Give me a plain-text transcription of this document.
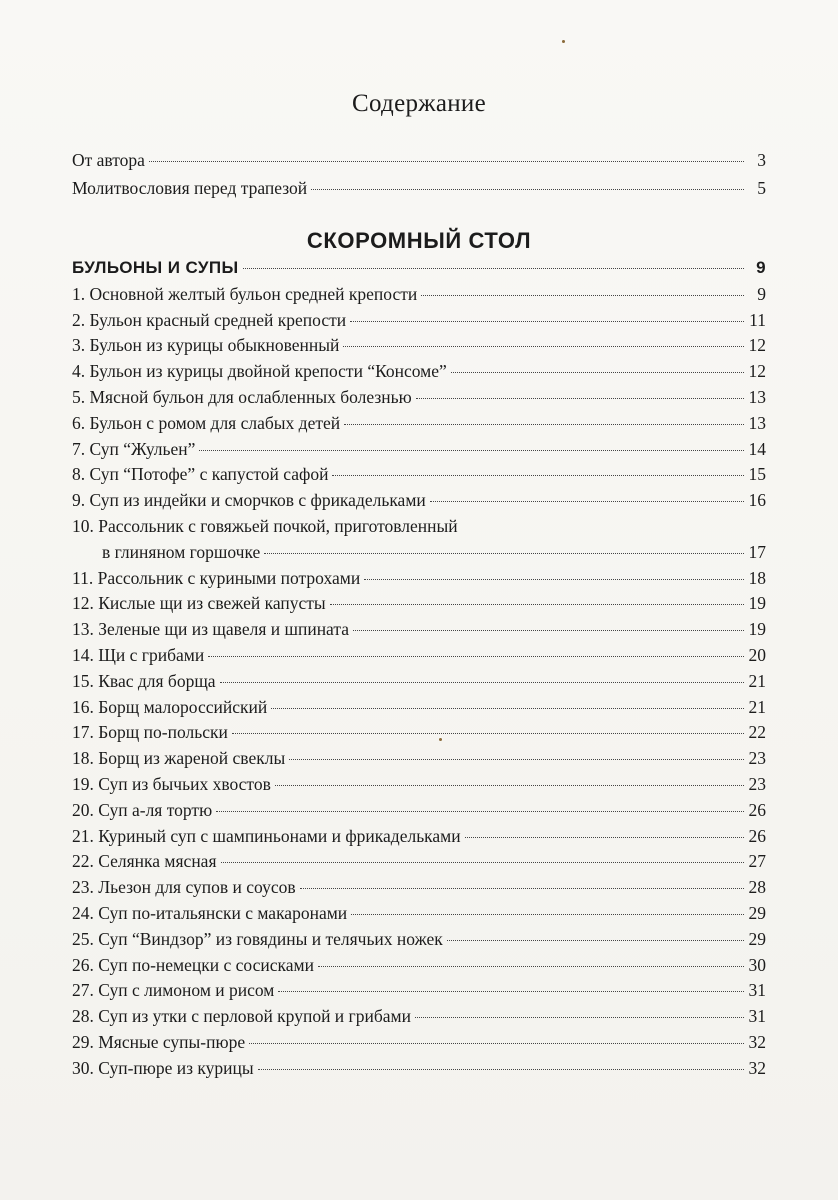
Содержание
От автора	3
Молитвословия перед трапезой	5
СКОРОМНЫЙ СТОЛ
БУЛЬОНЫ И СУПЫ	9
1. Основной желтый бульон средней крепости	9
2. Бульон красный средней крепости	11
3. Бульон из курицы обыкновенный	12
4. Бульон из курицы двойной крепости “Консоме”	12
5. Мясной бульон для ослабленных болезнью	13
6. Бульон с ромом для слабых детей	13
7. Суп “Жульен”	14
8. Суп “Потофе” с капустой сафой	15
9. Суп из индейки и сморчков с фрикадельками	16
10. Рассольник с говяжьей почкой, приготовленный
в глиняном горшочке	17
11. Рассольник с куриными потрохами	18
12. Кислые щи из свежей капусты	19
13. Зеленые щи из щавеля и шпината	19
14. Щи с грибами	20
15. Квас для борща	21
16. Борщ малороссийский	21
17. Борщ по-польски	22
18. Борщ из жареной свеклы	23
19. Суп из бычьих хвостов	23
20. Суп а-ля тортю	26
21. Куриный суп с шампиньонами и фрикадельками	26
22. Селянка мясная	27
23. Льезон для супов и соусов	28
24. Суп по-итальянски с макаронами	29
25. Суп “Виндзор” из говядины и телячьих ножек	29
26. Суп по-немецки с сосисками	30
27. Суп с лимоном и рисом	31
28. Суп из утки с перловой крупой и грибами	31
29. Мясные супы-пюре	32
30. Суп-пюре из курицы	32
